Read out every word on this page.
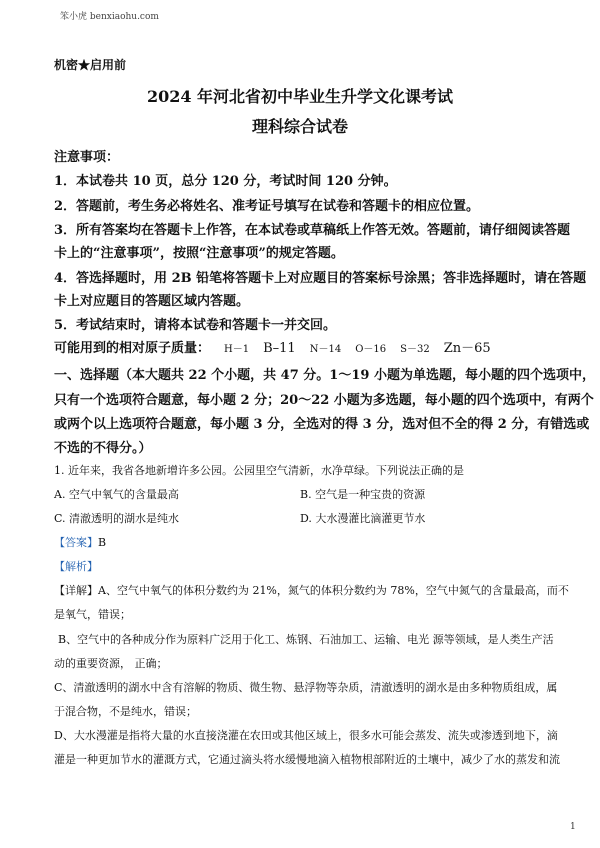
笨小虎 benxiaohu.com
机密★启用前
2024 年河北省初中毕业生升学文化课考试
理科综合试卷
注意事项：
1．本试卷共 10 页，总分 120 分，考试时间 120 分钟。
2．答题前，考生务必将姓名、准考证号填写在试卷和答题卡的相应位置。
3．所有答案均在答题卡上作答，在本试卷或草稿纸上作答无效。答题前，请仔细阅读答题
卡上的“注意事项”，按照“注意事项”的规定答题。
4．答选择题时，用 2B 铅笔将答题卡上对应题目的答案标号涂黑；答非选择题时，请在答题
卡上对应题目的答题区域内答题。
5．考试结束时，请将本试卷和答题卡一并交回。
可能用到的相对原子质量： H－1 B–11 N－14 O－16 S－32 Zn－65
一、选择题（本大题共 22 个小题，共 47 分。1～19 小题为单选题，每小题的四个选项中，
只有一个选项符合题意，每小题 2 分；20～22 小题为多选题，每小题的四个选项中，有两个
或两个以上选项符合题意，每小题 3 分，全选对的得 3 分，选对但不全的得 2 分，有错选或
不选的不得分。）
1. 近年来，我省各地新增许多公园。公园里空气清新，水净草绿。下列说法正确的是
A. 空气中氧气的含量最高	B. 空气是一种宝贵的资源
C. 清澈透明的湖水是纯水	D. 大水漫灌比滴灌更节水
【答案】B
【解析】
【详解】A、空气中氧气的体积分数约为 21%，氮气的体积分数约为 78%，空气中氮气的含量最高，而不
是氧气，错误；
B、空气中的各种成分作为原料广泛用于化工、炼钢、石油加工、运输、电光 源等领域，是人类生产活
动的重要资源， 正确；
C、清澈透明的湖水中含有溶解的物质、微生物、悬浮物等杂质，清澈透明的湖水是由多种物质组成，属
于混合物，不是纯水，错误；
D、大水漫灌是指将大量的水直接浇灌在农田或其他区域上，很多水可能会蒸发、流失或渗透到地下，滴
灌是一种更加节水的灌溉方式，它通过滴头将水缓慢地滴入植物根部附近的土壤中，减少了水的蒸发和流
1
